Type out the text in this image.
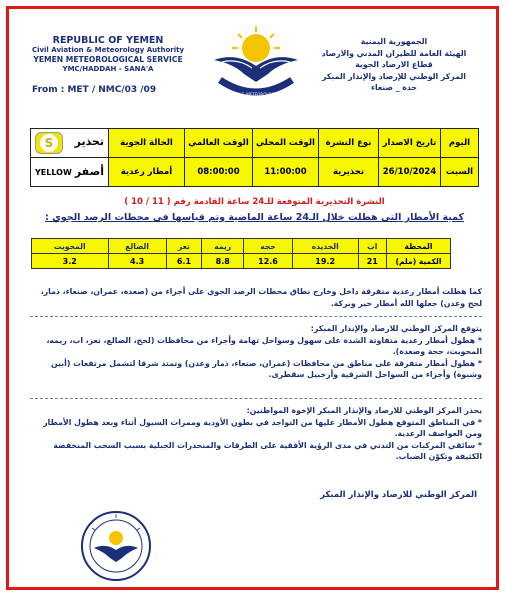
REPUBLIC OF YEMEN
Civil Aviation & Meteorology Authority
YEMEN METEOROLOGICAL SERVICE
YMC/HADDAH - SANA'A
From : MET / NMC/03 /09	CIVIL AVIATION & METEOROLOGY AUTHORITY
الجمهورية اليمنية
الهيئة العامة للطيران المدني والارصاد
قطاع الارصاد الجوية
المركز الوطني للإرصاد والإنذار المبكر
حدة _ صنعاء
S تحذير	الحالة الجوية	الوقت العالمي	الوقت المحلي	نوع النشرة	تاريخ الاصدار	اليوم

YELLOW أصفر	أمطار رعدية	08:00:00	11:00:00	تحذيرية	26/10/2024	السبت
النشرة التحذيرية المتوقعة للـ24 ساعة القادمة رقم ( 11 / 10 )
كمية الأمطار التي هطلت خلال الـ24 ساعة الماضية وتم قياسها في محطات الرصد الجوي :
المحويت	الضالع	تعز	ريمه	حجه	الحديده	اب	المحطة
3.2	4.3	6.1	8.8	12.6	19.2	21	الكمية (ملم)
كما هطلت أمطار رعدية متفرقة داخل وخارج نطاق محطات الرصد الجوي على أجزاء من (صعدة، عمران، صنعاء، ذمار، لحج وعدن) جعلها الله أمطار خير وبركة.
يتوقع المركز الوطني للارصاد والإنذار المبكر:
* هطول أمطار رعدية متفاوتة الشدة على سهول وسواحل تهامة وأجزاء من محافظات (لحج، الضالع، تعز، اب، ريمه، المحويت، حجة وصعدة).
* هطول أمطار متفرقة على مناطق من محافظات (عمران، صنعاء، ذمار وعدن) وتمتد شرقا لتشمل مرتفعات (أبين وشبوة) وأجزاء من السواحل الشرقية وأرخبيل سقطرى.
يحذر المركز الوطني للارصاد والإنذار المبكر الإخوة المواطنين:
* في المناطق المتوقع هطول الأمطار عليها من التواجد في بطون الأودية وممرات السيول أثناء وبعد هطول الأمطار ومن العواصف الرعدية.
* سائقي المركبات من التدني في مدى الرؤية الأفقية على الطرقات والمنحدرات الجبلية بسبب السحب المنخفضة الكثيفة وتكوّن الضباب.
المركز الوطني للارصاد والإنذار المبكر
